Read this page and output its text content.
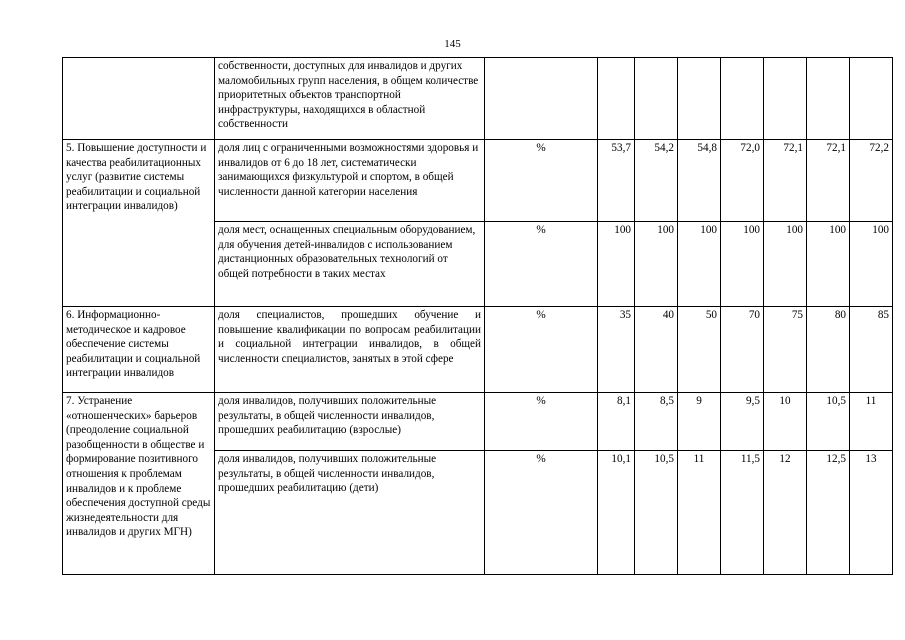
145
	собственности, доступных для инвалидов и других маломобильных групп населения, в общем количестве приоритетных объектов транспортной инфраструктуры, находящихся в областной собственности								
5. Повышение доступности и качества реабилитационных услуг (развитие системы реабилитации и социальной интеграции инвалидов)	доля лиц с ограниченными возможностями здоровья и инвалидов от 6 до 18 лет, систематически занимающихся физкультурой и спортом, в общей численности данной категории населения	%	53,7	54,2	54,8	72,0	72,1	72,1	72,2
	доля мест, оснащенных специальным оборудованием, для обучения детей-инвалидов с использованием дистанционных образовательных технологий от общей потребности в таких местах	%	100	100	100	100	100	100	100
6. Информационно-методическое и кадровое обеспечение системы реабилитации и социальной интеграции инвалидов	доля специалистов, прошедших обучение и повышение квалификации по вопросам реабилитации и социальной интеграции инвалидов, в общей численности специалистов, занятых в этой сфере	%	35	40	50	70	75	80	85
7. Устранение «отношенческих» барьеров (преодоление социальной разобщенности в обществе и формирование позитивного отношения к проблемам инвалидов и к проблеме обеспечения доступной среды жизнедеятельности для инвалидов и других МГН)	доля инвалидов, получивших положительные результаты, в общей численности инвалидов, прошедших реабилитацию (взрослые)	%	8,1	8,5	9	9,5	10	10,5	11
	доля инвалидов, получивших положительные результаты, в общей численности инвалидов, прошедших реабилитацию (дети)	%	10,1	10,5	11	11,5	12	12,5	13
